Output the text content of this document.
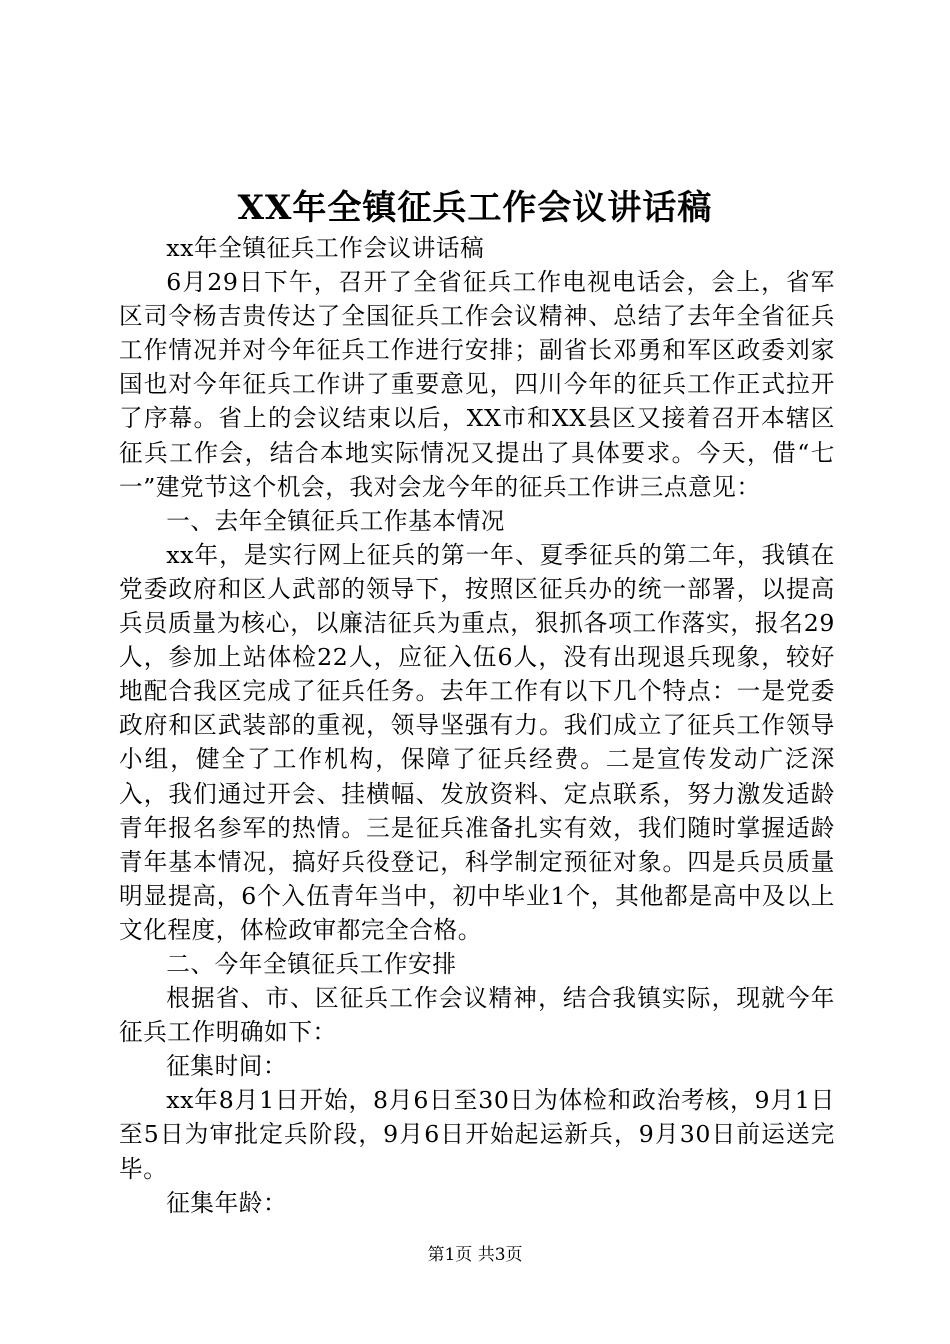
XX年全镇征兵工作会议讲话稿

xx年全镇征兵工作会议讲话稿

6月29日下午，召开了全省征兵工作电视电话会，会上，省军区司令杨吉贵传达了全国征兵工作会议精神、总结了去年全省征兵工作情况并对今年征兵工作进行安排；副省长邓勇和军区政委刘家国也对今年征兵工作讲了重要意见，四川今年的征兵工作正式拉开了序幕。省上的会议结束以后，XX市和XX县区又接着召开本辖区征兵工作会，结合本地实际情况又提出了具体要求。今天，借“七一”建党节这个机会，我对会龙今年的征兵工作讲三点意见：

一、去年全镇征兵工作基本情况

xx年，是实行网上征兵的第一年、夏季征兵的第二年，我镇在党委政府和区人武部的领导下，按照区征兵办的统一部署，以提高兵员质量为核心，以廉洁征兵为重点，狠抓各项工作落实，报名29人，参加上站体检22人，应征入伍6人，没有出现退兵现象，较好地配合我区完成了征兵任务。去年工作有以下几个特点：一是党委政府和区武装部的重视，领导坚强有力。我们成立了征兵工作领导小组，健全了工作机构，保障了征兵经费。二是宣传发动广泛深入，我们通过开会、挂横幅、发放资料、定点联系，努力激发适龄青年报名参军的热情。三是征兵准备扎实有效，我们随时掌握适龄青年基本情况，搞好兵役登记，科学制定预征对象。四是兵员质量明显提高，6个入伍青年当中，初中毕业1个，其他都是高中及以上文化程度，体检政审都完全合格。

二、今年全镇征兵工作安排

根据省、市、区征兵工作会议精神，结合我镇实际，现就今年征兵工作明确如下：

征集时间：

xx年8月1日开始，8月6日至30日为体检和政治考核，9月1日至5日为审批定兵阶段，9月6日开始起运新兵，9月30日前运送完毕。

征集年龄：

第1页 共3页
